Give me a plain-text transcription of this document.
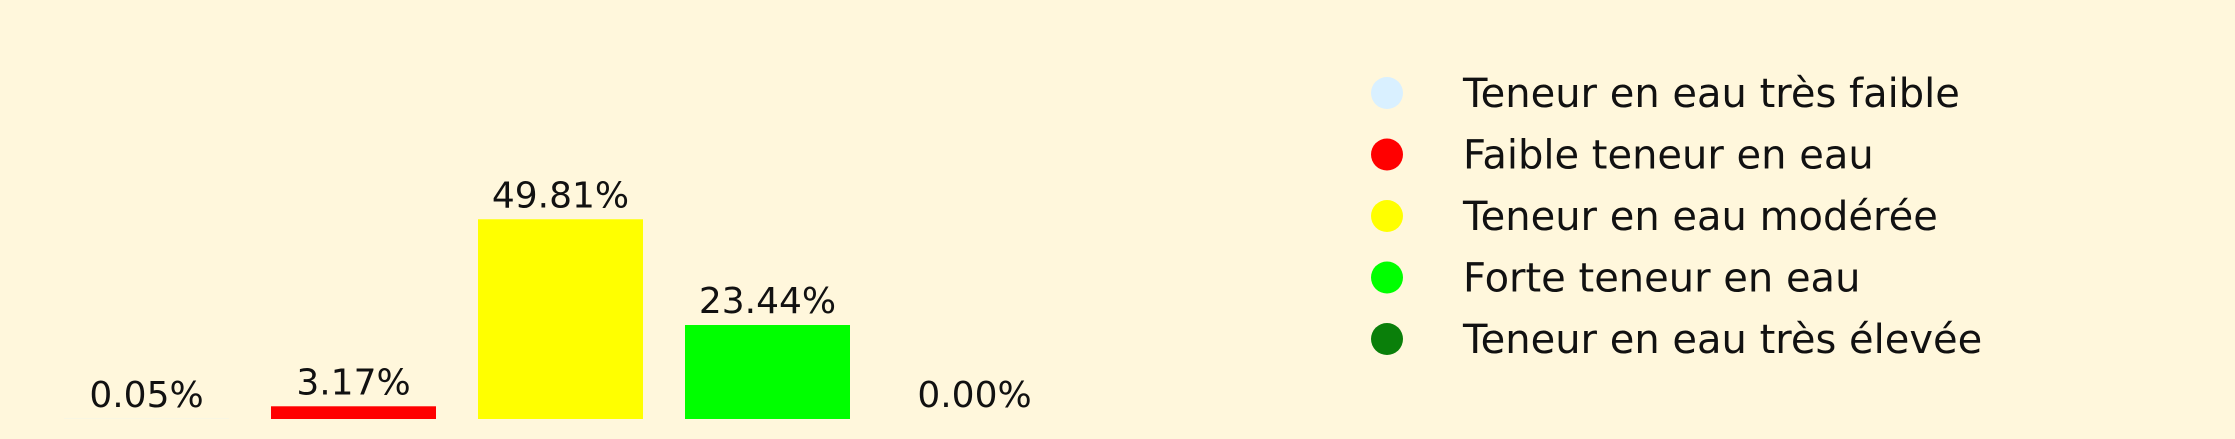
0.05%	3.17%
49.81%
23.44%
0.00%
Teneur en eau très faible
Faible teneur en eau
Teneur en eau modérée
Forte teneur en eau
Teneur en eau très élevée
